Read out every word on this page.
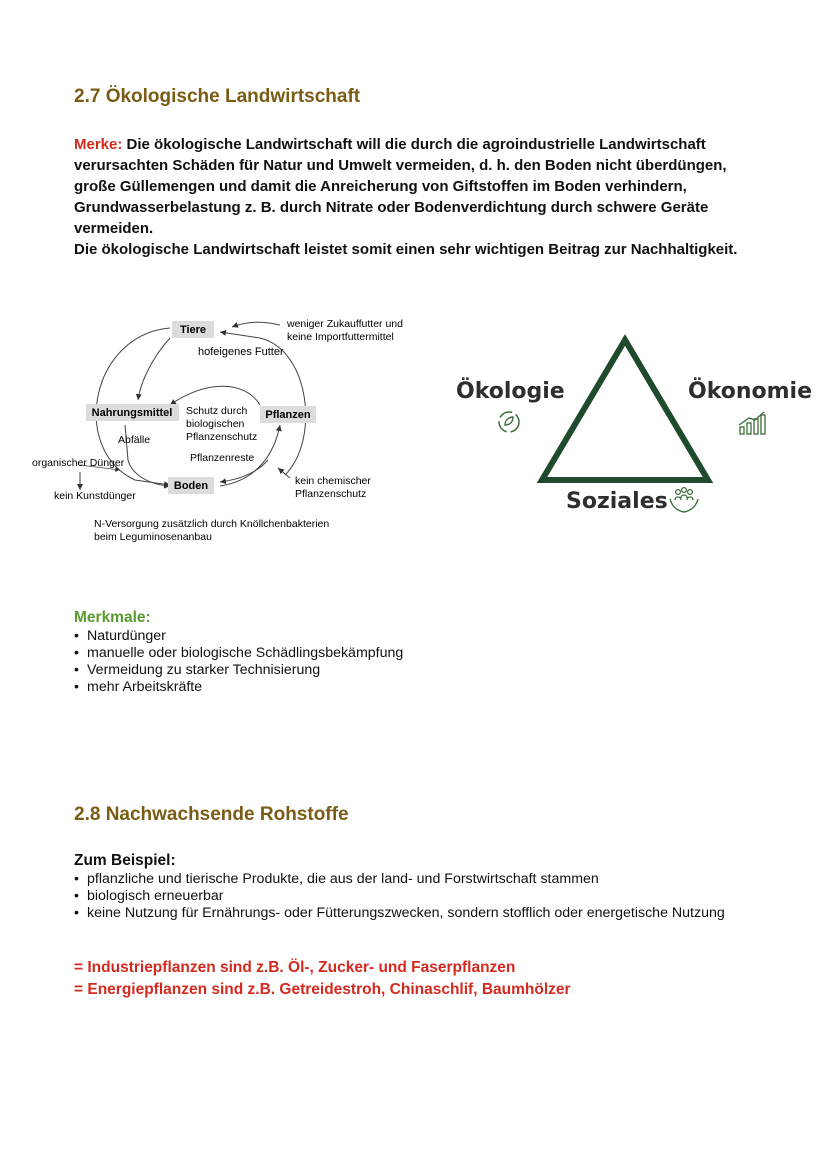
2.7 Ökologische Landwirtschaft

Merke: Die ökologische Landwirtschaft will die durch die agroindustrielle Landwirtschaft verursachten Schäden für Natur und Umwelt vermeiden, d. h. den Boden nicht überdüngen, große Güllemengen und damit die Anreicherung von Giftstoffen im Boden verhindern, Grundwasserbelastung z. B. durch Nitrate oder Bodenverdichtung durch schwere Geräte vermeiden.

Die ökologische Landwirtschaft leistet somit einen sehr wichtigen Beitrag zur Nachhaltigkeit.

Tiere
Nahrungsmittel	Pflanzen
Boden
weniger Zukauffutter und
keine Importfuttermittel
hofeigenes Futter
Schutz durch
biologischen
Pflanzenschutz
Abfälle
Pflanzenreste
organischer Dünger
kein Kunstdünger
kein chemischer
Pflanzenschutz
N-Versorgung zusätzlich durch Knöllchenbakterien
beim Leguminosenanbau
Ökologie	Ökonomie
Soziales
Merkmale:
• Naturdünger
• manuelle oder biologische Schädlingsbekämpfung
• Vermeidung zu starker Technisierung
• mehr Arbeitskräfte
2.8 Nachwachsende Rohstoffe
Zum Beispiel:
• pflanzliche und tierische Produkte, die aus der land- und Forstwirtschaft stammen
• biologisch erneuerbar
• keine Nutzung für Ernährungs- oder Fütterungszwecken, sondern stofflich oder energetische Nutzung
= Industriepflanzen sind z.B. Öl-, Zucker- und Faserpflanzen
= Energiepflanzen sind z.B. Getreidestroh, Chinaschlif, Baumhölzer
